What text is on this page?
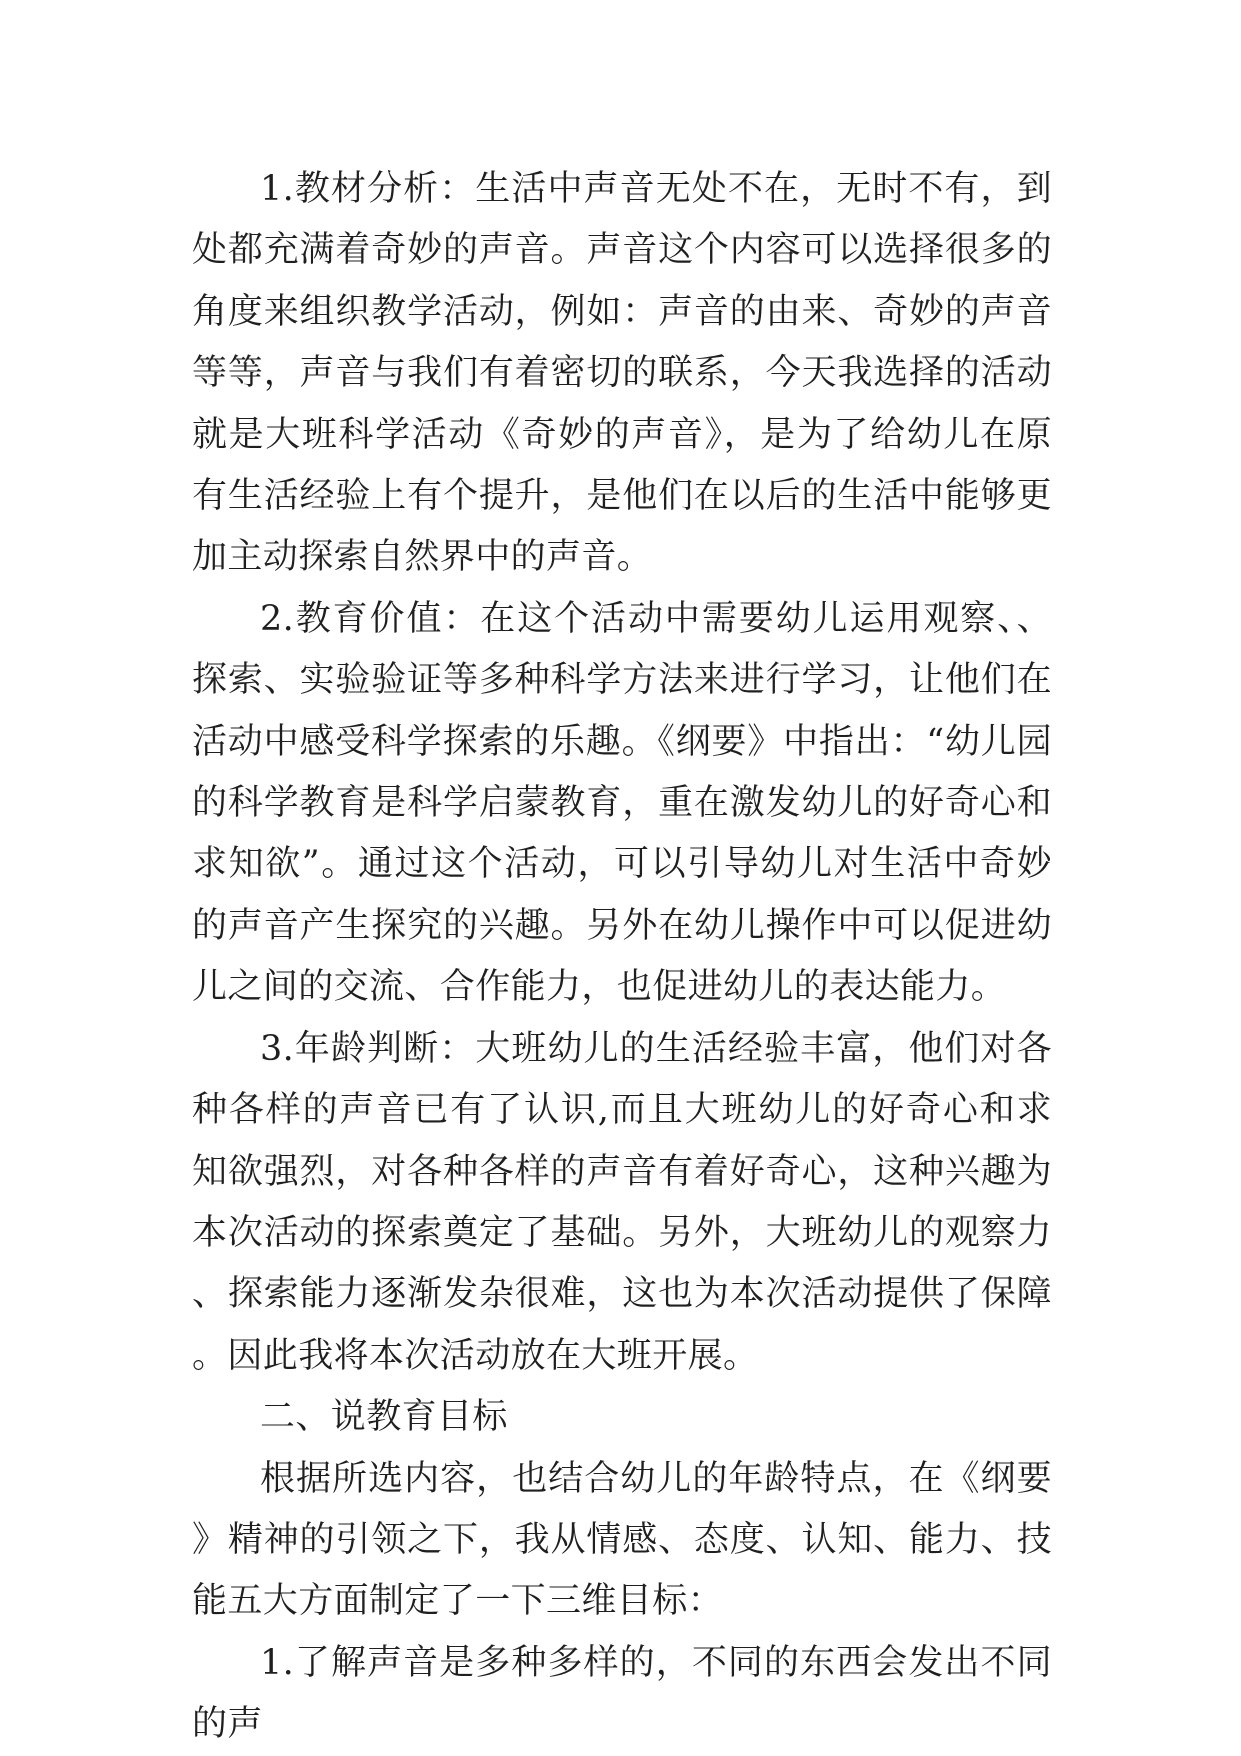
1.教材分析：生活中声音无处不在，无时不有，到处都充满着奇妙的声音。声音这个内容可以选择很多的角度来组织教学活动，例如：声音的由来、奇妙的声音等等，声音与我们有着密切的联系，今天我选择的活动就是大班科学活动《奇妙的声音》，是为了给幼儿在原有生活经验上有个提升，是他们在以后的生活中能够更加主动探索自然界中的声音。

2.教育价值：在这个活动中需要幼儿运用观察、、探索、实验验证等多种科学方法来进行学习，让他们在活动中感受科学探索的乐趣。《纲要》中指出：“幼儿园的科学教育是科学启蒙教育，重在激发幼儿的好奇心和求知欲”。通过这个活动，可以引导幼儿对生活中奇妙的声音产生探究的兴趣。另外在幼儿操作中可以促进幼儿之间的交流、合作能力，也促进幼儿的表达能力。

3.年龄判断：大班幼儿的生活经验丰富，他们对各种各样的声音已有了认识,而且大班幼儿的好奇心和求知欲强烈，对各种各样的声音有着好奇心，这种兴趣为本次活动的探索奠定了基础。另外，大班幼儿的观察力、探索能力逐渐发杂很难，这也为本次活动提供了保障。因此我将本次活动放在大班开展。

二、说教育目标

根据所选内容，也结合幼儿的年龄特点，在《纲要》精神的引领之下，我从情感、态度、认知、能力、技能五大方面制定了一下三维目标：

1.了解声音是多种多样的，不同的东西会发出不同的声
